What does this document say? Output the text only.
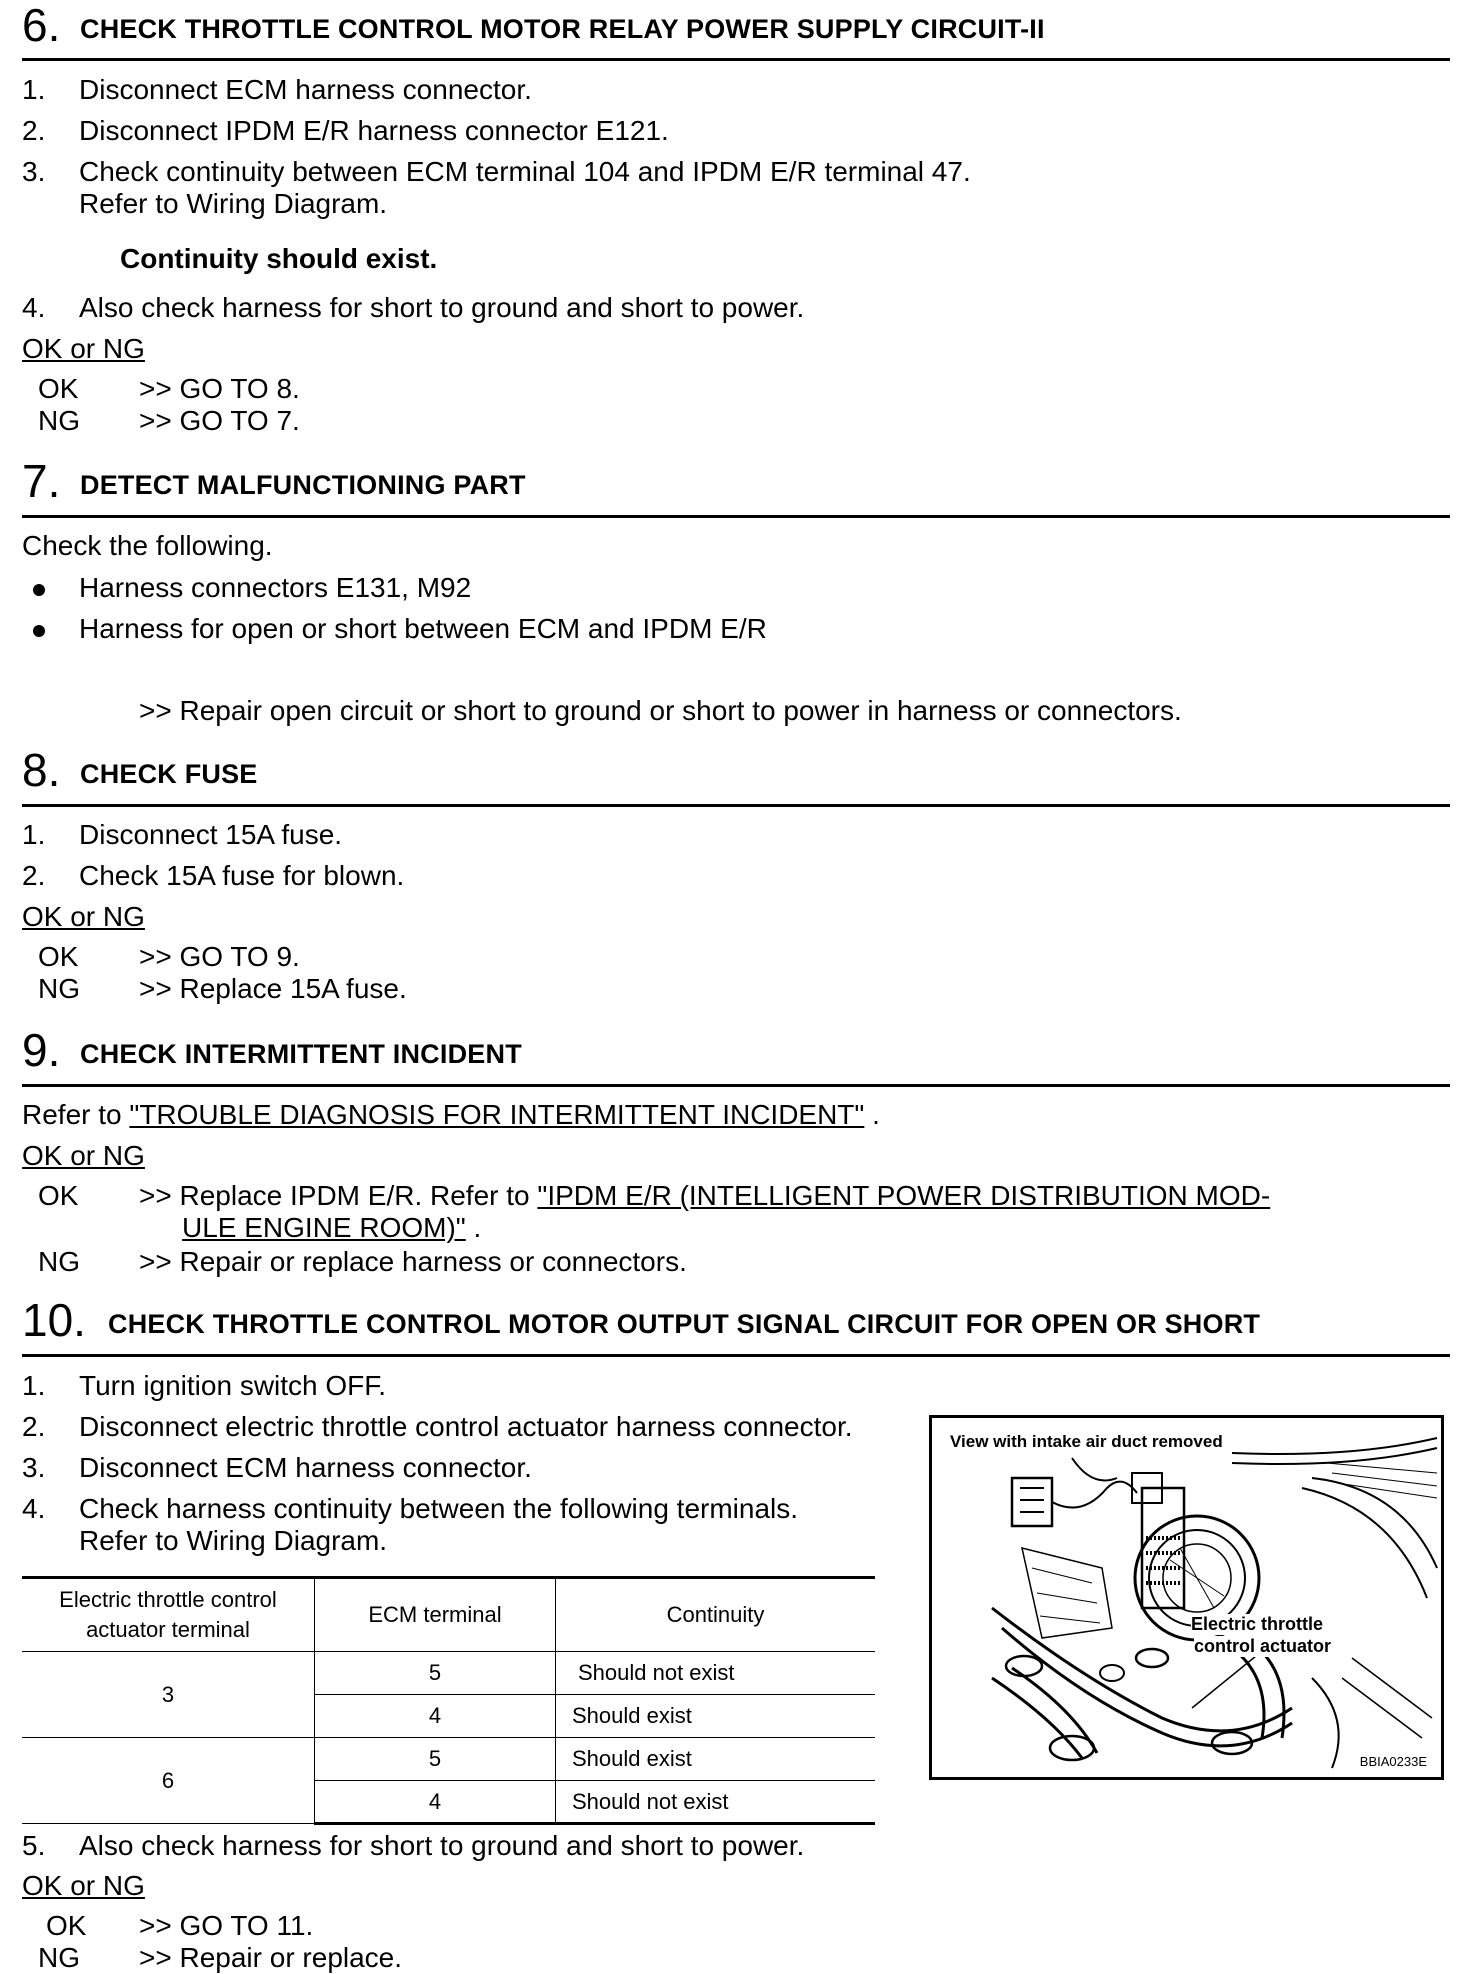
6. CHECK THROTTLE CONTROL MOTOR RELAY POWER SUPPLY CIRCUIT-II
1. Disconnect ECM harness connector.
2. Disconnect IPDM E/R harness connector E121.
3. Check continuity between ECM terminal 104 and IPDM E/R terminal 47.
Refer to Wiring Diagram.
Continuity should exist.
4. Also check harness for short to ground and short to power.
OK or NG
OK >> GO TO 8.
NG >> GO TO 7.
7. DETECT MALFUNCTIONING PART
Check the following.
Harness connectors E131, M92
Harness for open or short between ECM and IPDM E/R
>> Repair open circuit or short to ground or short to power in harness or connectors.
8. CHECK FUSE
1. Disconnect 15A fuse.
2. Check 15A fuse for blown.
OK or NG
OK >> GO TO 9.
NG >> Replace 15A fuse.
9. CHECK INTERMITTENT INCIDENT
Refer to "TROUBLE DIAGNOSIS FOR INTERMITTENT INCIDENT" .
OK or NG
OK >> Replace IPDM E/R. Refer to "IPDM E/R (INTELLIGENT POWER DISTRIBUTION MOD-
ULE ENGINE ROOM)" .
NG >> Repair or replace harness or connectors.
10. CHECK THROTTLE CONTROL MOTOR OUTPUT SIGNAL CIRCUIT FOR OPEN OR SHORT
1. Turn ignition switch OFF.
2. Disconnect electric throttle control actuator harness connector.
3. Disconnect ECM harness connector.
4. Check harness continuity between the following terminals.
Refer to Wiring Diagram.
Electric throttle control
actuator terminal	ECM terminal	Continuity
3	5	Should not exist
	4	Should exist
6	5	Should exist
	4	Should not exist
5. Also check harness for short to ground and short to power.
OK or NG
OK >> GO TO 11.
NG >> Repair or replace.
View with intake air duct removed
Electric throttle
control actuator
BBIA0233E
